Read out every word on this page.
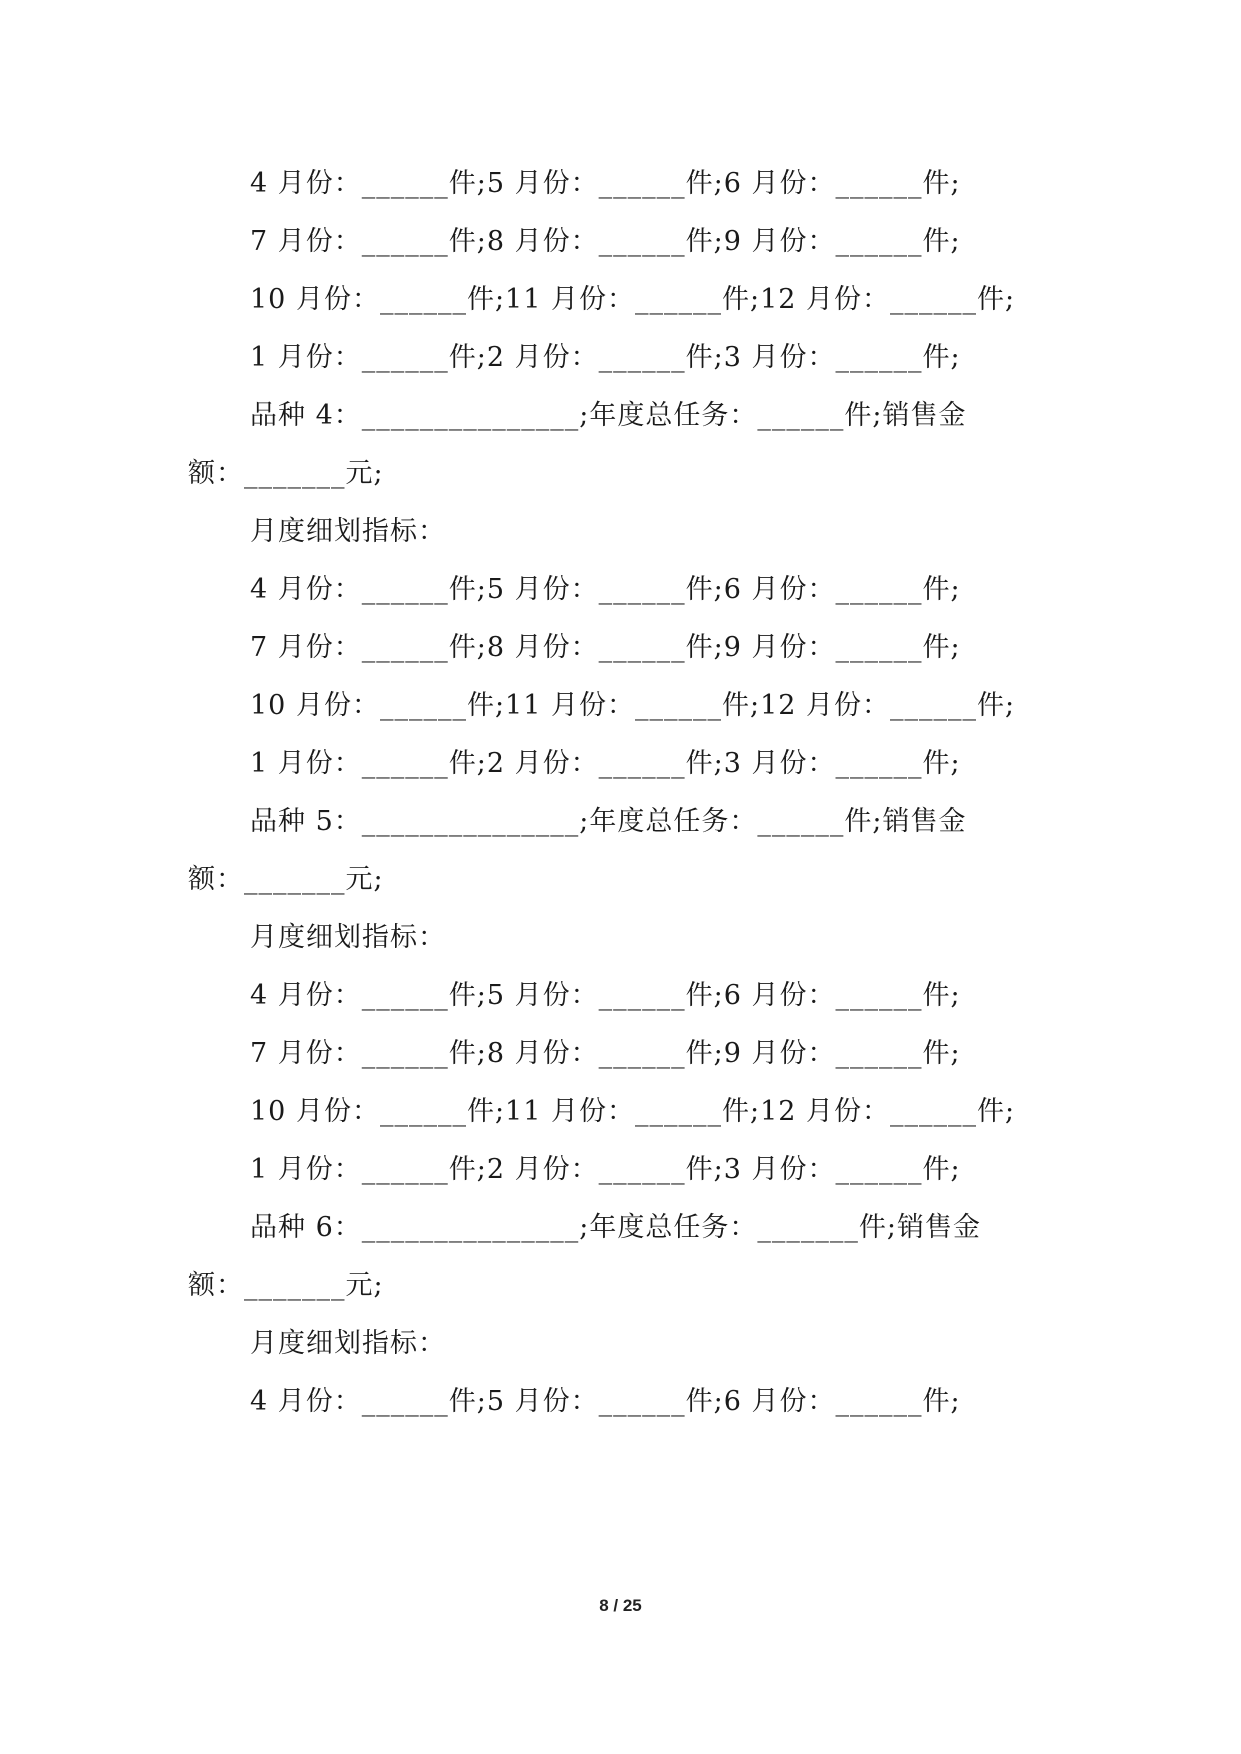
4 月份：______件;5 月份：______件;6 月份：______件;
7 月份：______件;8 月份：______件;9 月份：______件;
10 月份：______件;11 月份：______件;12 月份：______件;
1 月份：______件;2 月份：______件;3 月份：______件;
品种 4：_______________;年度总任务：______件;销售金
额：_______元;
月度细划指标：
4 月份：______件;5 月份：______件;6 月份：______件;
7 月份：______件;8 月份：______件;9 月份：______件;
10 月份：______件;11 月份：______件;12 月份：______件;
1 月份：______件;2 月份：______件;3 月份：______件;
品种 5：_______________;年度总任务：______件;销售金
额：_______元;
月度细划指标：
4 月份：______件;5 月份：______件;6 月份：______件;
7 月份：______件;8 月份：______件;9 月份：______件;
10 月份：______件;11 月份：______件;12 月份：______件;
1 月份：______件;2 月份：______件;3 月份：______件;
品种 6：_______________;年度总任务：_______件;销售金
额：_______元;
月度细划指标：
4 月份：______件;5 月份：______件;6 月份：______件;
8 / 25
